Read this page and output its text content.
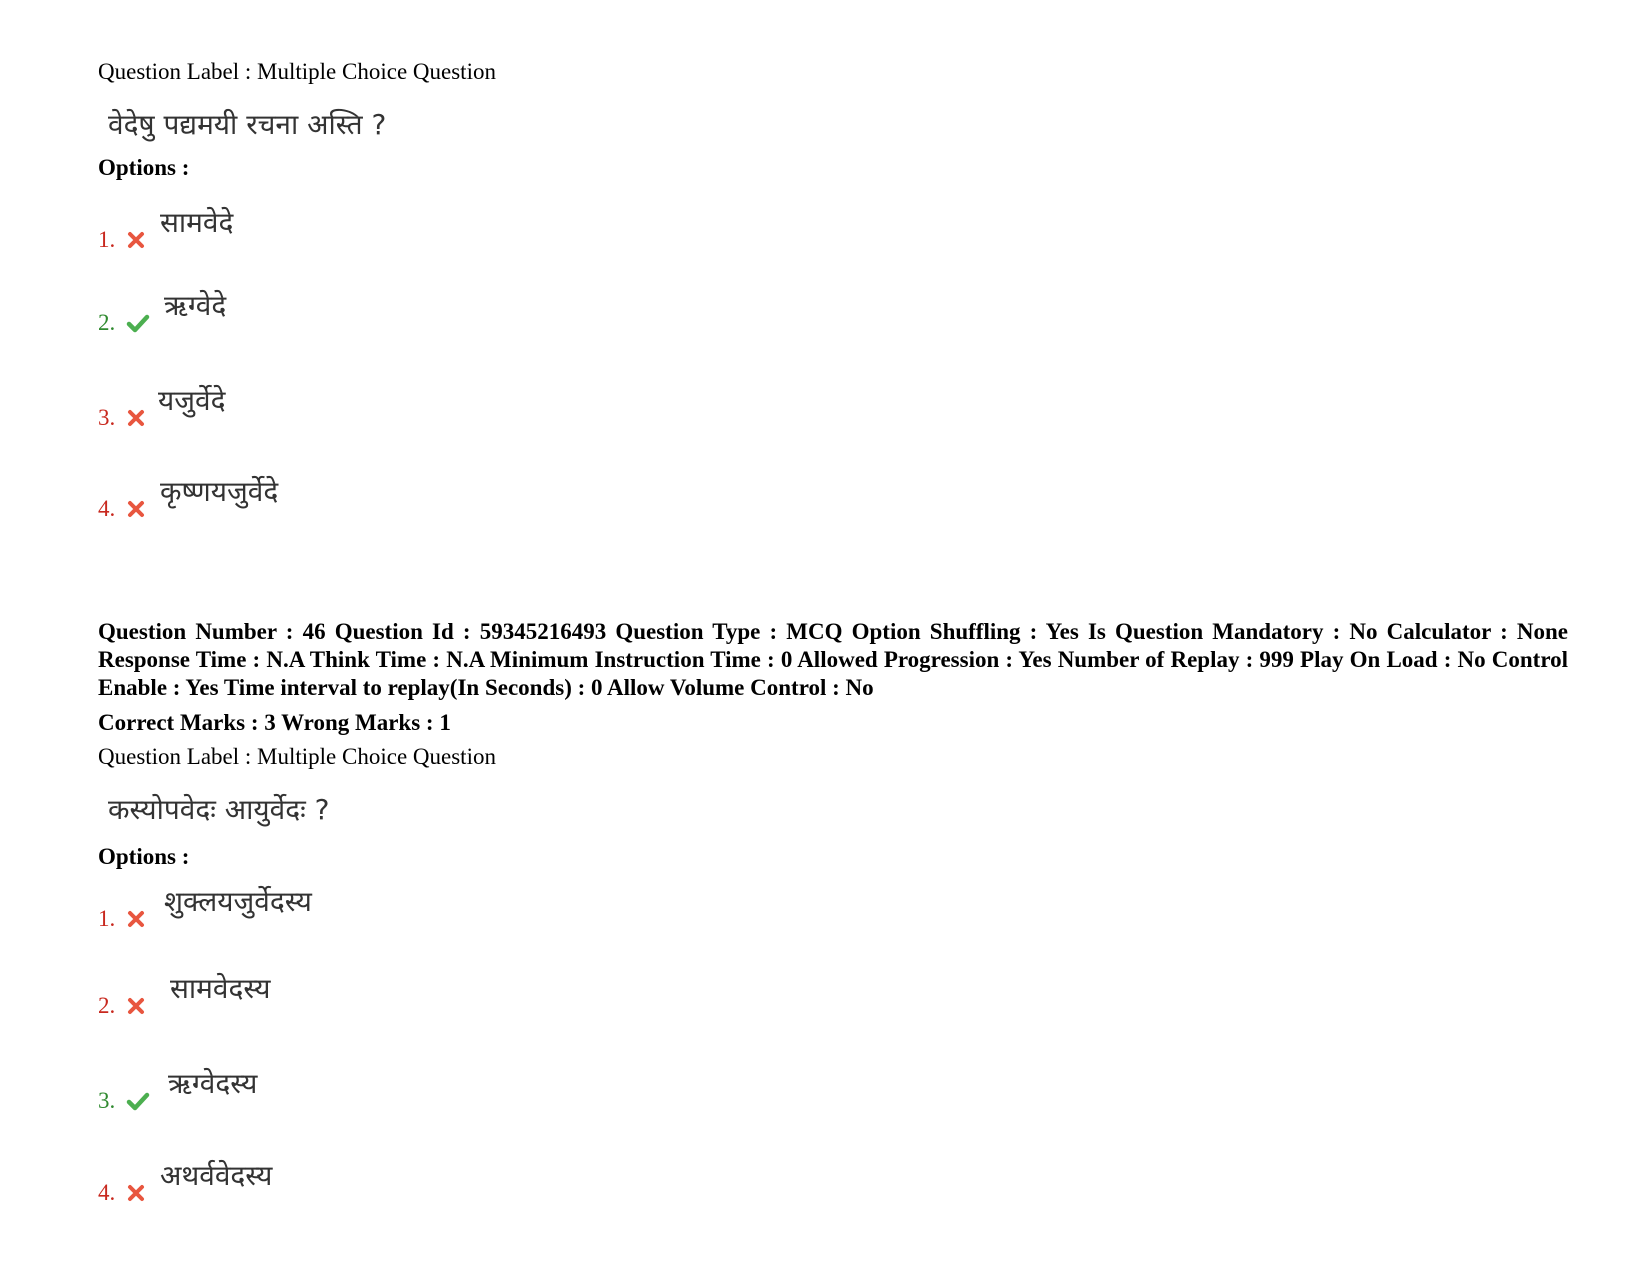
Question Label : Multiple Choice Question
वेदेषु पद्यमयी रचना अस्ति ?
Options :
1.
सामवेदे
2.
ऋग्वेदे
3.
यजुर्वेदे
4.
कृष्णयजुर्वेदे
Question Number : 46 Question Id : 59345216493 Question Type : MCQ Option Shuffling : Yes Is Question Mandatory : No Calculator : None Response Time : N.A Think Time : N.A Minimum Instruction Time : 0 Allowed Progression : Yes Number of Replay : 999 Play On Load : No Control Enable : Yes Time interval to replay(In Seconds) : 0 Allow Volume Control : No
Correct Marks : 3 Wrong Marks : 1
Question Label : Multiple Choice Question
कस्योपवेदः आयुर्वेदः ?
Options :
1.
शुक्लयजुर्वेदस्य
2.
सामवेदस्य
3.
ऋग्वेदस्य
4.
अथर्ववेदस्य
